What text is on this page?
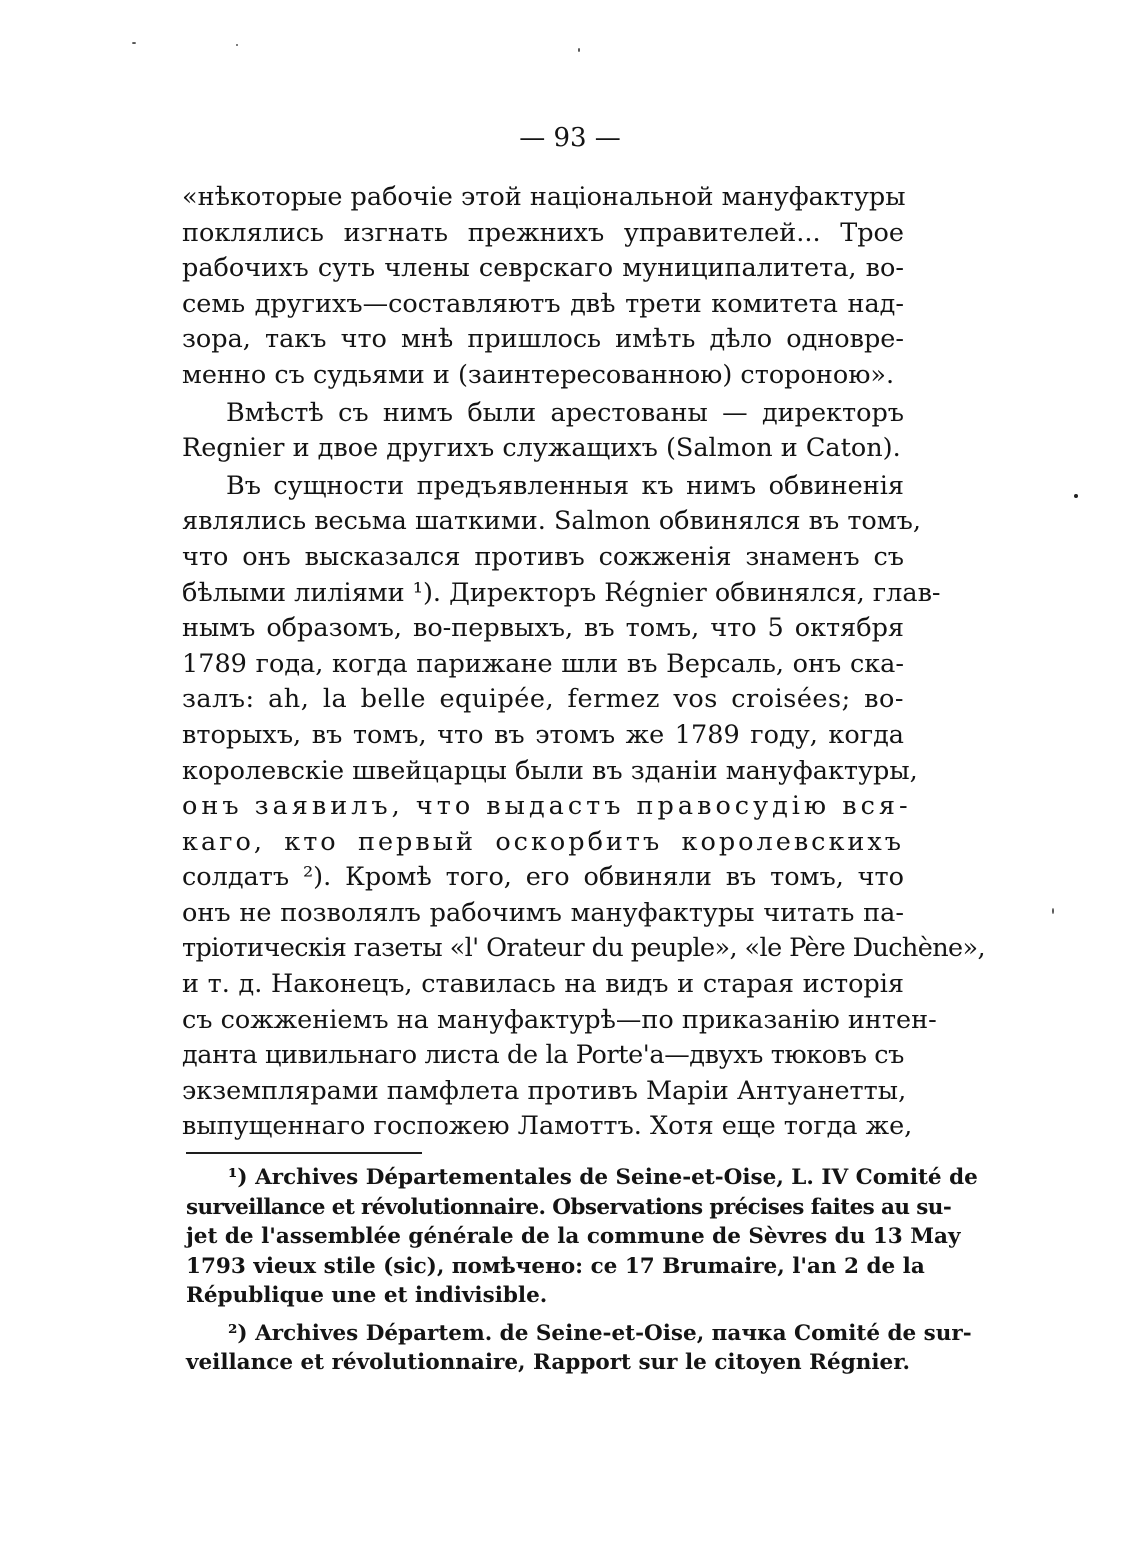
— 93 —
«нѣкоторые рабочіе этой національной мануфактуры
поклялись изгнать прежнихъ управителей... Трое
рабочихъ суть члены севрскаго муниципалитета, во-
семь другихъ—составляютъ двѣ трети комитета над-
зора, такъ что мнѣ пришлось имѣть дѣло одновре-
менно съ судьями и (заинтересованною) стороною».
Вмѣстѣ съ нимъ были арестованы — директоръ
Regnier и двое другихъ служащихъ (Salmon и Caton).
Въ сущности предъявленныя къ нимъ обвиненія
являлись весьма шаткими. Salmon обвинялся въ томъ,
что онъ высказался противъ сожженія знаменъ съ
бѣлыми лиліями ¹). Директоръ Régnier обвинялся, глав-
нымъ образомъ, во-первыхъ, въ томъ, что 5 октября
1789 года, когда парижане шли въ Версаль, онъ ска-
залъ: ah, la belle equipée, fermez vos croisées; во-
вторыхъ, въ томъ, что въ этомъ же 1789 году, когда
королевскіе швейцарцы были въ зданіи мануфактуры,
онъ заявилъ, что выдастъ правосудію вся-
каго, кто первый оскорбитъ королевскихъ
солдатъ ²). Кромѣ того, его обвиняли въ томъ, что
онъ не позволялъ рабочимъ мануфактуры читать па-
тріотическія газеты «l' Orateur du peuple», «le Père Duchène»,
и т. д. Наконецъ, ставилась на видъ и старая исторія
съ сожженіемъ на мануфактурѣ—по приказанію интен-
данта цивильнаго листа de la Porte'a—двухъ тюковъ съ
экземплярами памфлета противъ Маріи Антуанетты,
выпущеннаго госпожею Ламоттъ. Хотя еще тогда же,
¹) Archives Départementales de Seine-et-Oise, L. IV Comité de
surveillance et révolutionnaire. Observations précises faites au su-
jet de l'assemblée générale de la commune de Sèvres du 13 May
1793 vieux stile (sic), помѣчено: ce 17 Brumaire, l'an 2 de la
République une et indivisible.
²) Archives Départem. de Seine-et-Oise, пачка Comité de sur-
veillance et révolutionnaire, Rapport sur le citoyen Régnier.
